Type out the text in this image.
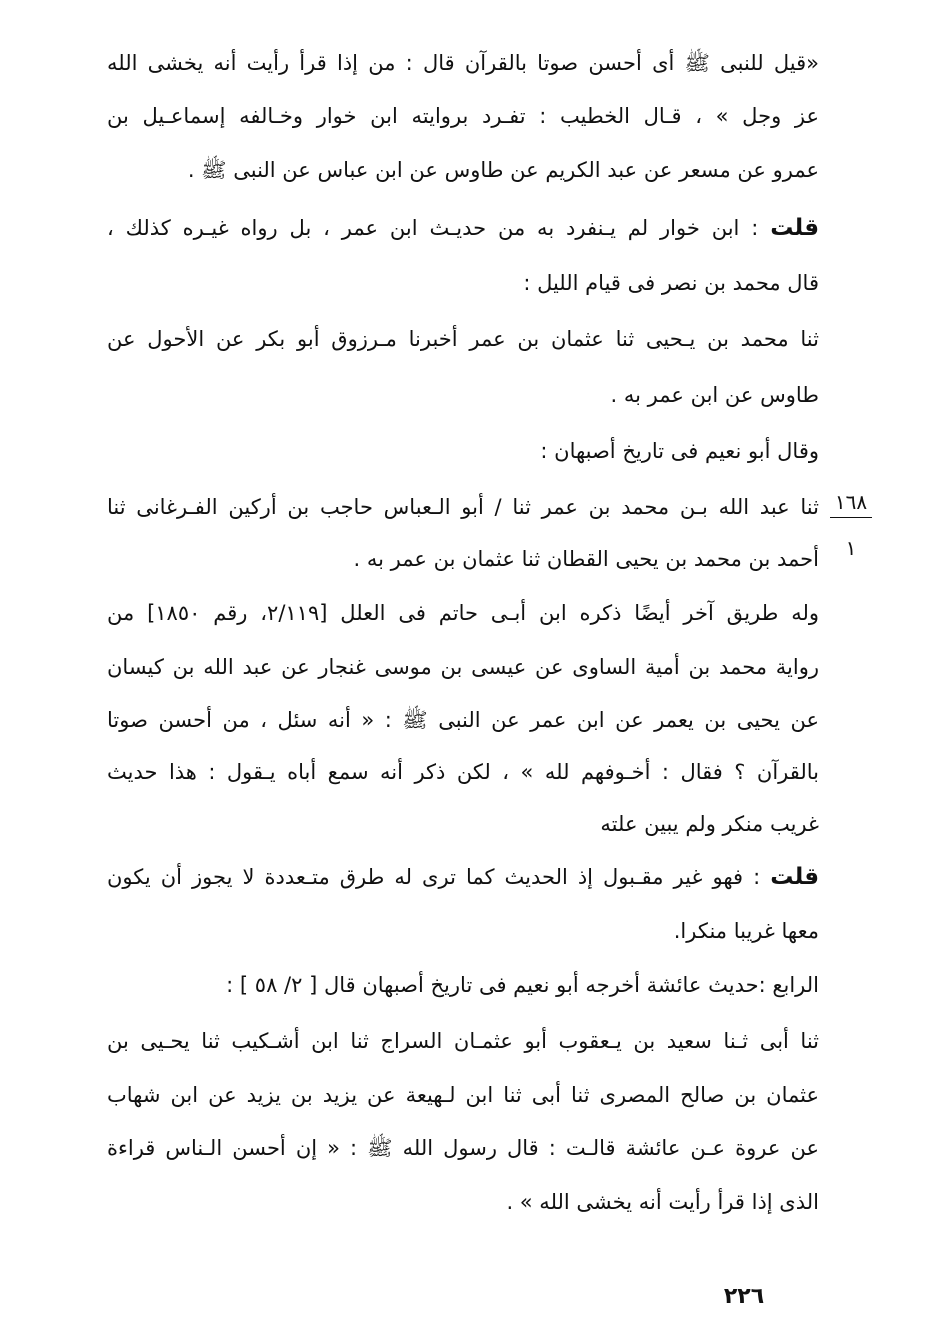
«قيل للنبى ﷺ أى أحسن صوتا بالقرآن قال : من إذا قرأ رأيت أنه يخشى الله
عز وجل » ، قـال الخطيب : تفـرد بروايته ابن خوار وخـالفه إسماعـيل بن
عمرو عن مسعر عن عبد الكريم عن طاوس عن ابن عباس عن النبى ﷺ .
قلت : ابن خوار لم يـنفرد به من حديـث ابن عمر ، بل رواه غيـره كذلك ،
قال محمد بن نصر فى قيام الليل :
ثنا محمد بن يـحيى ثنا عثمان بن عمر أخبرنا مـرزوق أبو بكر عن الأحول عن
طاوس عن ابن عمر به .
وقال أبو نعيم فى تاريخ أصبهان :
ثنا عبد الله بـن محمد بن عمر ثنا / أبو الـعباس حاجب بن أركين الفـرغانى ثنا
أحمد بن محمد بن يحيى القطان ثنا عثمان بن عمر به .
وله طريق آخر أيضًا ذكره ابن أبـى حاتم فى العلل [٢/١١٩، رقم ١٨٥٠] من
رواية محمد بن أمية الساوى عن عيسى بن موسى غنجار عن عبد الله بن كيسان
عن يحيى بن يعمر عن ابن عمر عن النبى ﷺ : « أنه سئل ، من أحسن صوتا
بالقرآن ؟ فقال : أخـوفهم لله » ، لكن ذكر أنه سمع أباه يـقول : هذا حديث
غريب منكر ولم يبين علته
قلت : فهو غير مقـبول إذ الحديث كما ترى له طرق متـعددة لا يجوز أن يكون
معها غريبا منكرا.
الرابع :حديث عائشة أخرجه أبو نعيم فى تاريخ أصبهان قال [ ٢/ ٥٨ ] :
ثنا أبى ثـنا سعيد بن يـعقوب أبو عثمـان السراج ثنا ابن أشـكيب ثنا يحـيى بن
عثمان بن صالح المصرى ثنا أبى ثنا ابن لـهيعة عن يزيد بن يزيد عن ابن شهاب
عن عروة عـن عائشة قالـت : قال رسول الله ﷺ : « إن أحسن الـناس قراءة
الذى إذا قرأ رأيت أنه يخشى الله » .
١٦٨
١
٢٢٦
